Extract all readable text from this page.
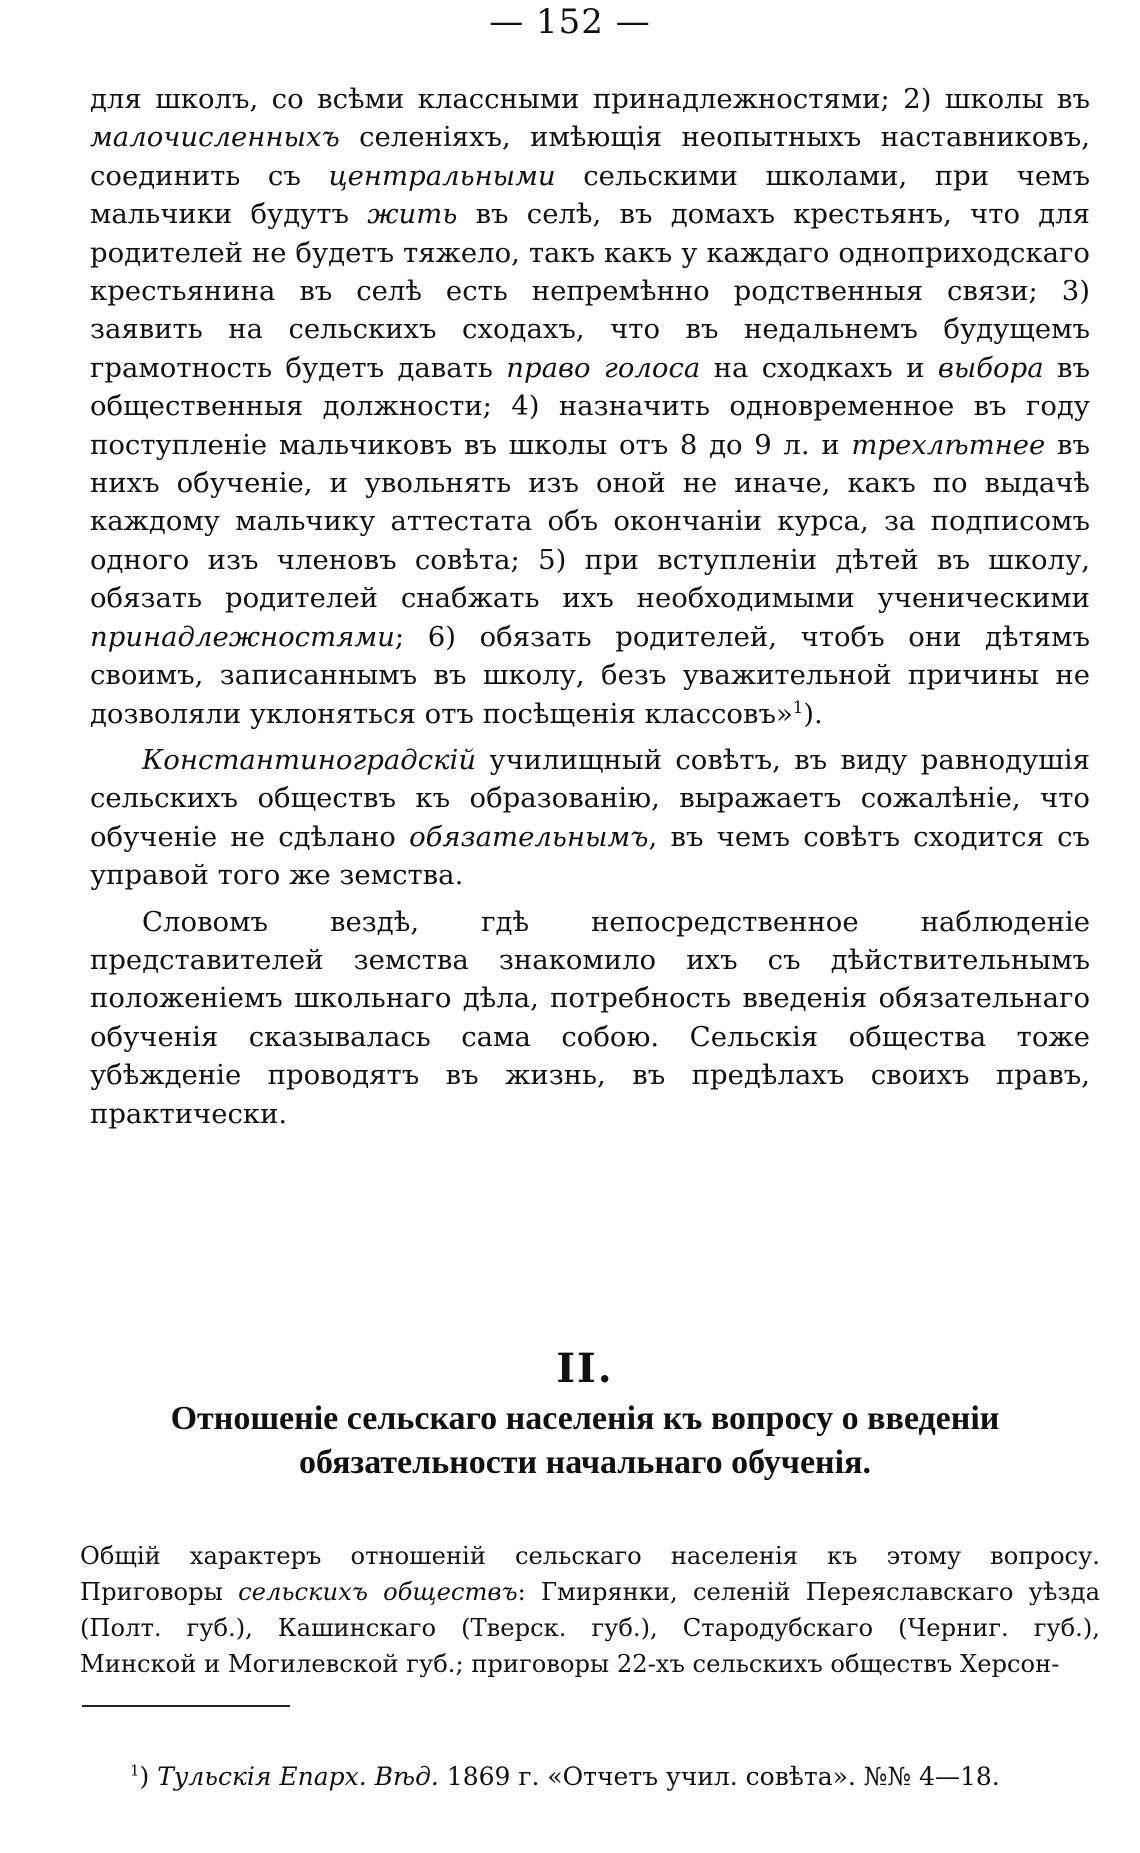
— 152 —

для школъ, со всѣми классными принадлежностями; 2) школы въ малочисленныхъ селеніяхъ, имѣющія неопытныхъ наставниковъ, соединить съ центральными сельскими школами, при чемъ мальчики будутъ жить въ селѣ, въ домахъ крестьянъ, что для родителей не будетъ тяжело, такъ какъ у каждаго однoприходскаго крестьянина въ селѣ есть непремѣнно родственныя связи; 3) заявить на сельскихъ сходахъ, что въ недальнемъ будущемъ грамотность будетъ давать право голоса на сходкахъ и выбора въ общественныя должности; 4) назначить одновременное въ году поступленіе мальчиковъ въ школы отъ 8 до 9 л. и трехлѣтнее въ нихъ обученіе, и увольнять изъ оной не иначе, какъ по выдачѣ каждому мальчику аттестата объ окончаніи курса, за подписомъ одного изъ членовъ совѣта; 5) при вступленіи дѣтей въ школу, обязать родителей снабжать ихъ необходимыми ученическими принадлежностями; 6) обязать родителей, чтобъ они дѣтямъ своимъ, записаннымъ въ школу, безъ уважительной причины не дозволяли уклоняться отъ посѣщенія классовъ»$^1$).

Константиноградскій училищный совѣтъ, въ виду равнодушія сельскихъ обществъ къ образованію, выражаетъ сожалѣніе, что обученіе не сдѣлано обязательнымъ, въ чемъ совѣтъ сходится съ управой того же земства.

Словомъ вездѣ, гдѣ непосредственное наблюденіе представителей земства знакомило ихъ съ дѣйствительнымъ положеніемъ школьнаго дѣла, потребность введенія обязательнаго обученія сказывалась сама собою. Сельскія общества тоже убѣжденіе проводятъ въ жизнь, въ предѣлахъ своихъ правъ, практически.

II.
Отношеніе сельскаго населенія къ вопросу о введеніи обязательности начальнаго обученія.

Общій характеръ отношеній сельскаго населенія къ этому вопросу. Приговоры сельскихъ обществъ: Гмирянки, селеній Переяславскаго уѣзда (Полт. губ.), Кашинскаго (Тверск. губ.), Стародубскаго (Черниг. губ.), Минской и Могилевской губ.; приговоры 22-хъ сельскихъ обществъ Херсон-

$^1$) Тульскія Епарх. Вѣд. 1869 г. «Отчетъ учил. совѣта». №№ 4—18.
